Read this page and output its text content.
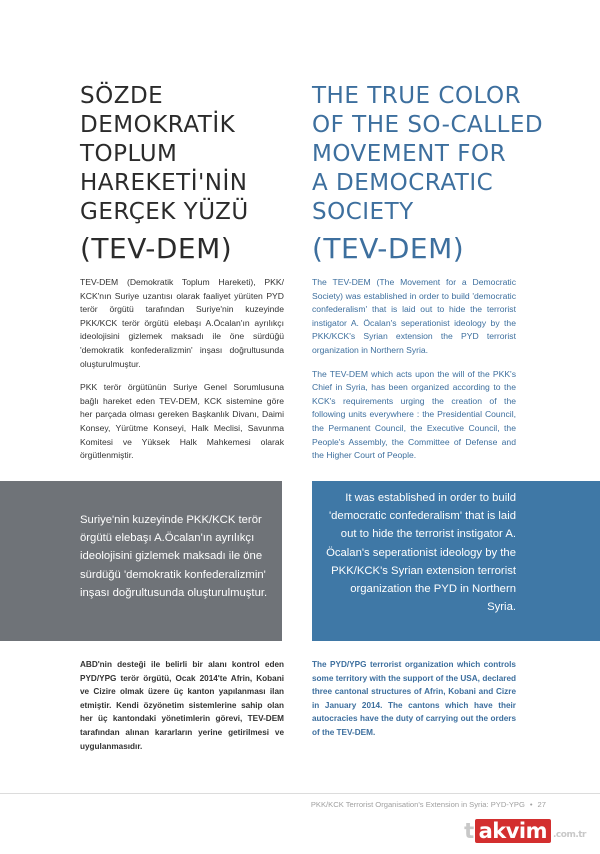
SÖZDE
DEMOKRATİK
TOPLUM
HAREKETİ'NİN
GERÇEK YÜZÜ
(TEV-DEM)

TEV-DEM (Demokratik Toplum Hareketi), PKK/ KCK'nın Suriye uzantısı olarak faaliyet yürüten PYD terör örgütü tarafından Suriye'nin kuzeyinde PKK/KCK terör örgütü elebaşı A.Öcalan'ın ayrılıkçı ideolojisini gizlemek maksadı ile öne sürdüğü 'demokratik konfederalizmin' inşası doğrultusunda oluşturulmuştur.

PKK terör örgütünün Suriye Genel Sorumlusuna bağlı hareket eden TEV-DEM, KCK sistemine göre her parçada olması gereken Başkanlık Divanı, Daimi Konsey, Yürütme Konseyi, Halk Meclisi, Savunma Komitesi ve Yüksek Halk Mahkemesi olarak örgütlenmiştir.

THE TRUE COLOR
OF THE SO-CALLED
MOVEMENT FOR
A DEMOCRATIC
SOCIETY
(TEV-DEM)

The TEV-DEM (The Movement for a Democratic Society) was established in order to build 'democratic confederalism' that is laid out to hide the terrorist instigator A. Öcalan's seperationist ideology by the PKK/KCK's Syrian extension the PYD terrorist organization in Northern Syria.

The TEV-DEM which acts upon the will of the PKK's Chief in Syria, has been organized according to the KCK's requirements urging the creation of the following units everywhere : the Presidential Council, the Permanent Council, the Executive Council, the People's Assembly, the Committee of Defense and the Higher Court of People.

Suriye'nin kuzeyinde PKK/KCK terör örgütü elebaşı A.Öcalan'ın ayrılıkçı ideolojisini gizlemek maksadı ile öne sürdüğü 'demokratik konfederalizmin' inşası doğrultusunda oluşturulmuştur.
It was established in order to build 'democratic confederalism' that is laid out to hide the terrorist instigator A. Öcalan's seperationist ideology by the PKK/KCK's Syrian extension terrorist organization the PYD in Northern Syria.
ABD'nin desteği ile belirli bir alanı kontrol eden PYD/YPG terör örgütü, Ocak 2014'te Afrin, Kobani ve Cizire olmak üzere üç kanton yapılanması ilan etmiştir. Kendi özyönetim sistemlerine sahip olan her üç kantondaki yönetimlerin görevi, TEV-DEM tarafından alınan kararların yerine getirilmesi ve uygulanmasıdır.
The PYD/YPG terrorist organization which controls some territory with the support of the USA, declared three cantonal structures of Afrin, Kobani and Cizre in January 2014. The cantons which have their autocracies have the duty of carrying out the orders of the TEV-DEM.
PKK/KCK Terrorist Organisation's Extension in Syria: PYD-YPG • 27
t akvim .com.tr
